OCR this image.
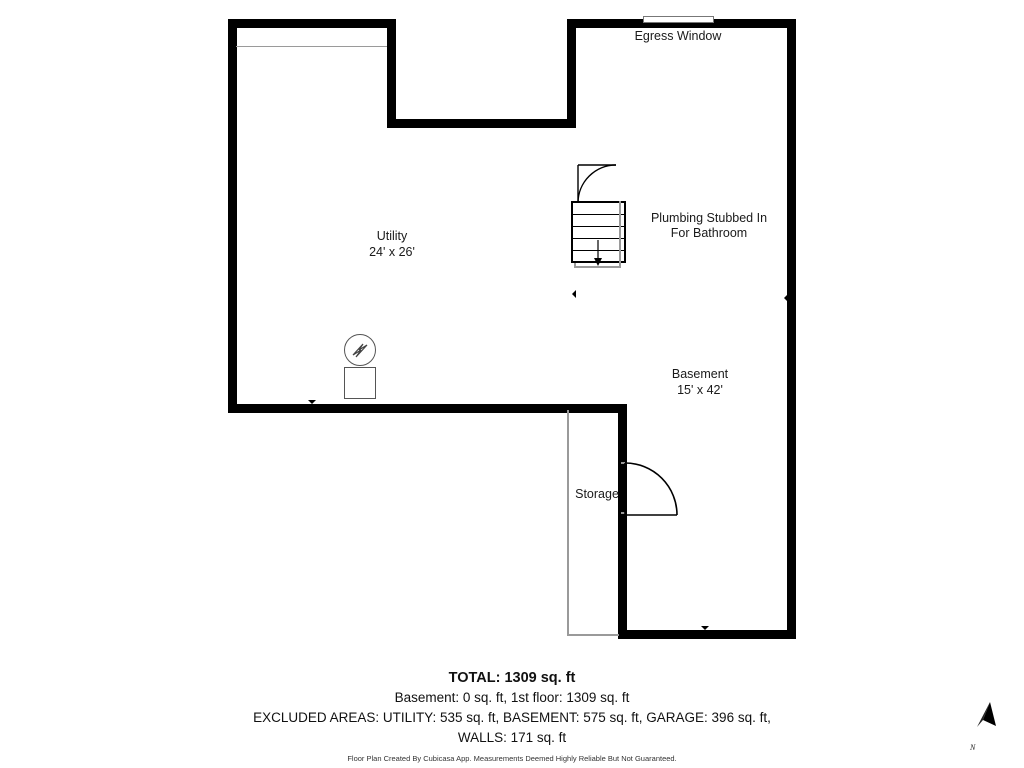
Egress Window
Plumbing Stubbed In
For Bathroom
Utility
24' x 26'
Basement
15' x 42'
Storage
TOTAL: 1309 sq. ft
Basement: 0 sq. ft, 1st floor: 1309 sq. ft
EXCLUDED AREAS: UTILITY: 535 sq. ft, BASEMENT: 575 sq. ft, GARAGE: 396 sq. ft,
WALLS: 171 sq. ft
Floor Plan Created By Cubicasa App. Measurements Deemed Highly Reliable But Not Guaranteed.
N
